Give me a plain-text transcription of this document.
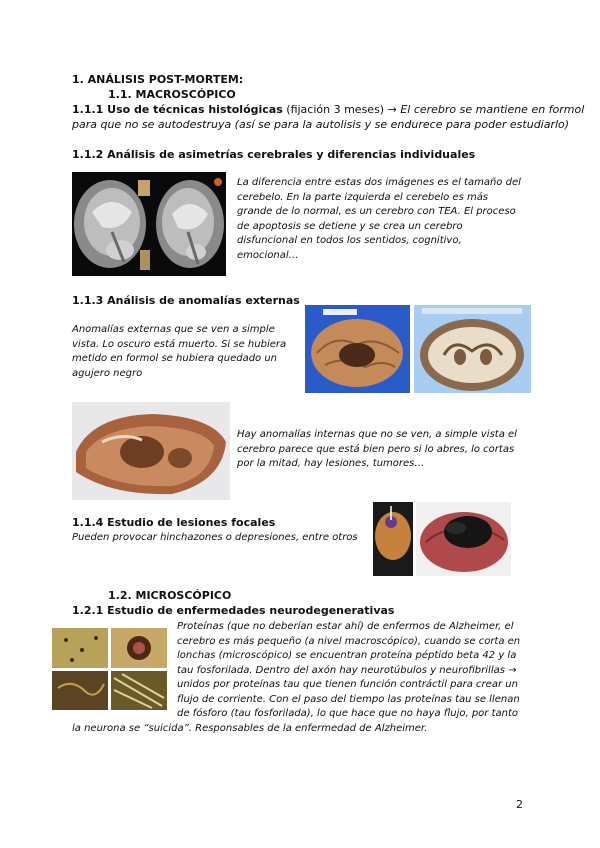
1. ANÁLISIS POST-MORTEM:
1.1. MACROSCÓPICO
1.1.1 Uso de técnicas histológicas (fijación 3 meses) → El cerebro se mantiene en formol
para que no se autodestruya (así se para la autolisis y se endurece para poder estudiarlo)
1.1.2 Análisis de asimetrías cerebrales y diferencias individuales
La diferencia entre estas dos imágenes es el tamaño del cerebelo. En la parte izquierda el cerebelo es más grande de lo normal, es un cerebro con TEA. El proceso de apoptosis se detiene y se crea un cerebro disfuncional en todos los sentidos, cognitivo, emocional…
1.1.3 Análisis de anomalías externas
Anomalías externas que se ven a simple vista. Lo oscuro está muerto. Si se hubiera metido en formol se hubiera quedado un agujero negro
Hay anomalías internas que no se ven, a simple vista el cerebro parece que está bien pero si lo abres, lo cortas por la mitad, hay lesiones, tumores…
1.1.4 Estudio de lesiones focales
Pueden provocar hinchazones o depresiones, entre otros
1.2. MICROSCÓPICO
1.2.1 Estudio de enfermedades neurodegenerativas
Proteínas (que no deberían estar ahí) de enfermos de Alzheimer, el
cerebro es más pequeño (a nivel macroscópico), cuando se corta en
lonchas (microscópico) se encuentran proteína péptido beta 42 y la
tau fosforilada. Dentro del axón hay neurotúbulos y neurofibrillas →
unidos por proteínas tau que tienen función contráctil para crear un
flujo de corriente. Con el paso del tiempo las proteínas tau se llenan
de fósforo (tau fosforilada), lo que hace que no haya flujo, por tanto
la neurona se “suicida”. Responsables de la enfermedad de Alzheimer.
2
